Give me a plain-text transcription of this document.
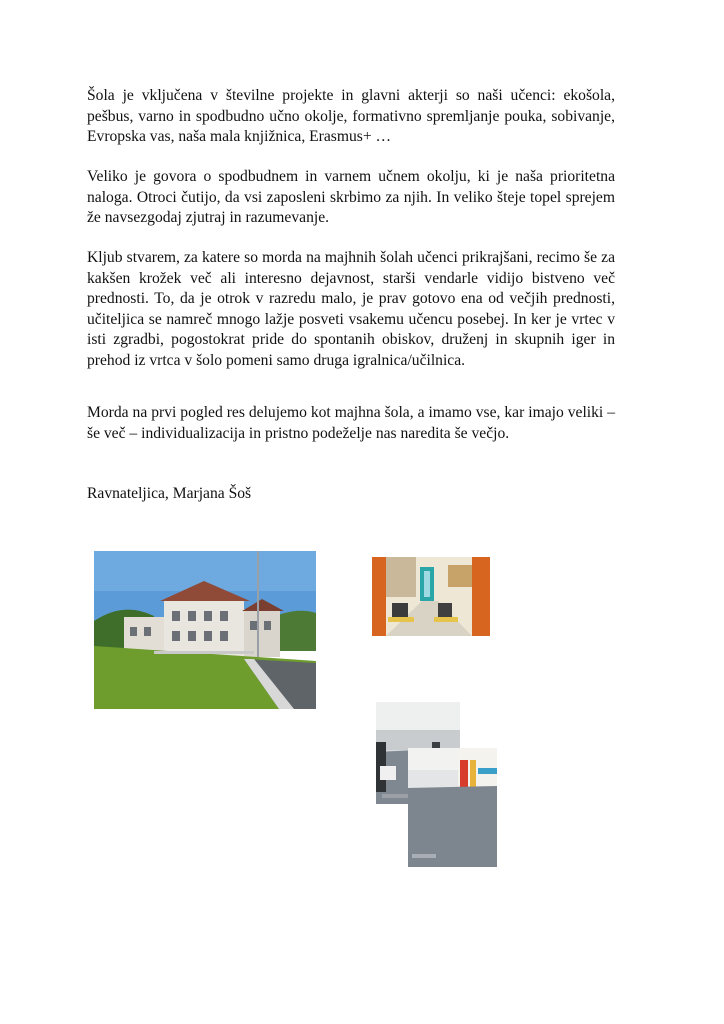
Šola je vključena v številne projekte in glavni akterji so naši učenci: ekošola, pešbus, varno in spodbudno učno okolje, formativno spremljanje pouka, sobivanje, Evropska vas, naša mala knjižnica, Erasmus+ …

Veliko je govora o spodbudnem in varnem učnem okolju, ki je naša prioritetna naloga. Otroci čutijo, da vsi zaposleni skrbimo za njih. In veliko šteje topel sprejem že navsezgodaj zjutraj in razumevanje.

Kljub stvarem, za katere so morda na majhnih šolah učenci prikrajšani, recimo še za kakšen krožek več ali interesno dejavnost, starši vendarle vidijo bistveno več prednosti. To, da je otrok v razredu malo, je prav gotovo ena od večjih prednosti, učiteljica se namreč mnogo lažje posveti vsakemu učencu posebej. In ker je vrtec v isti zgradbi, pogostokrat pride do spontanih obiskov, druženj in skupnih iger in prehod iz vrtca v šolo pomeni samo druga igralnica/učilnica.

Morda na prvi pogled res delujemo kot majhna šola, a imamo vse, kar imajo veliki – še več – individualizacija in pristno podeželje nas naredita še večjo.

Ravnateljica, Marjana Šoš
